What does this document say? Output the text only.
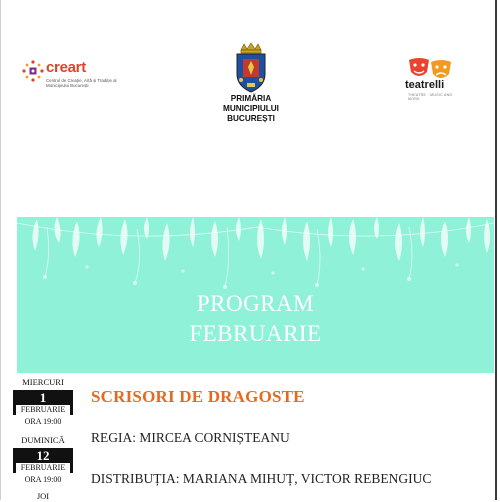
creart
Centrul de Creație, Artă și Tradiție al Municipiului București
PRIMĂRIA
MUNICIPIULUI
BUCUREȘTI
teatrelli
THEATRE · MUSIC AND MORE
PROGRAM
FEBRUARIE
MIERCURI
1
FEBRUARIE
ORA 19:00
DUMINICĂ
12
FEBRUARIE
ORA 19:00
JOI
SCRISORI DE DRAGOSTE
REGIA: MIRCEA CORNIȘTEANU
DISTRIBUȚIA: MARIANA MIHUȚ, VICTOR REBENGIUC
